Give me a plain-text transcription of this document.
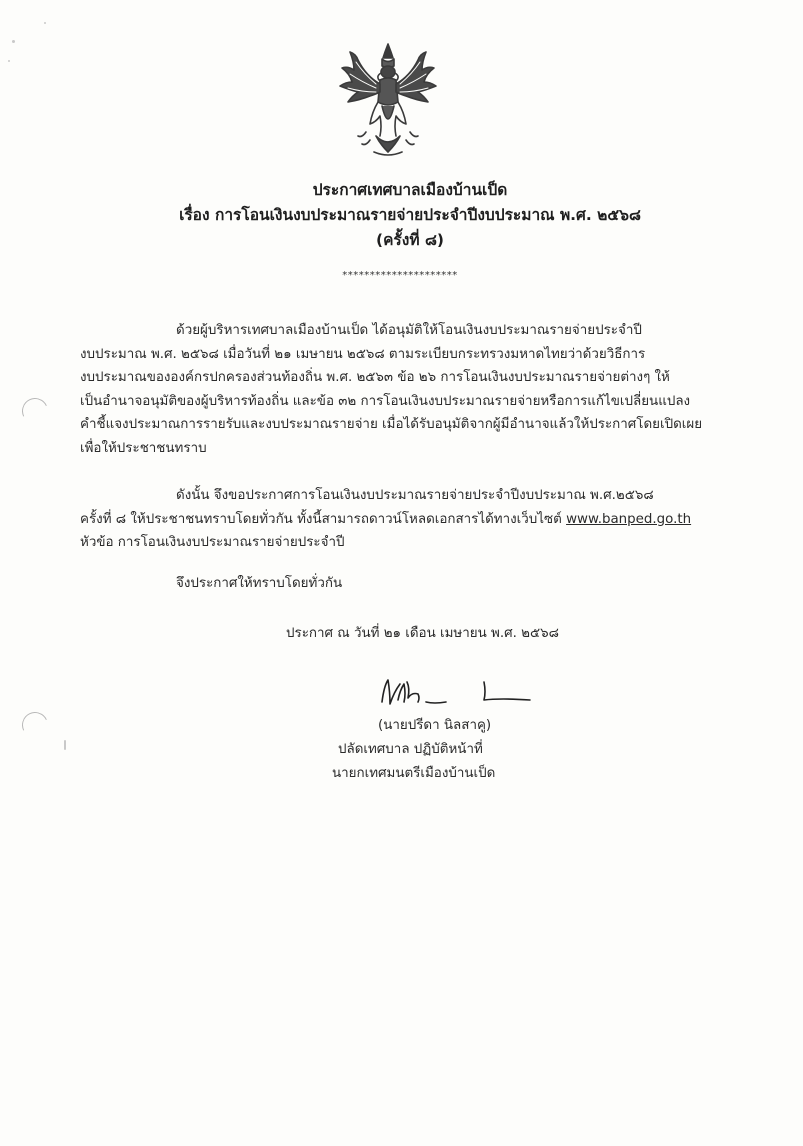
ประกาศเทศบาลเมืองบ้านเป็ด
เรื่อง การโอนเงินงบประมาณรายจ่ายประจำปีงบประมาณ พ.ศ. ๒๕๖๘
(ครั้งที่ ๘)
*********************
ด้วยผู้บริหารเทศบาลเมืองบ้านเป็ด ได้อนุมัติให้โอนเงินงบประมาณรายจ่ายประจำปี
งบประมาณ พ.ศ. ๒๕๖๘ เมื่อวันที่ ๒๑ เมษายน ๒๕๖๘ ตามระเบียบกระทรวงมหาดไทยว่าด้วยวิธีการ
งบประมาณขององค์กรปกครองส่วนท้องถิ่น พ.ศ. ๒๕๖๓ ข้อ ๒๖ การโอนเงินงบประมาณรายจ่ายต่างๆ ให้
เป็นอำนาจอนุมัติของผู้บริหารท้องถิ่น และข้อ ๓๒ การโอนเงินงบประมาณรายจ่ายหรือการแก้ไขเปลี่ยนแปลง
คำชี้แจงประมาณการรายรับและงบประมาณรายจ่าย เมื่อได้รับอนุมัติจากผู้มีอำนาจแล้วให้ประกาศโดยเปิดเผย
เพื่อให้ประชาชนทราบ
ดังนั้น จึงขอประกาศการโอนเงินงบประมาณรายจ่ายประจำปีงบประมาณ พ.ศ.๒๕๖๘
ครั้งที่ ๘ ให้ประชาชนทราบโดยทั่วกัน ทั้งนี้สามารถดาวน์โหลดเอกสารได้ทางเว็บไซต์ www.banped.go.th
หัวข้อ การโอนเงินงบประมาณรายจ่ายประจำปี
จึงประกาศให้ทราบโดยทั่วกัน
ประกาศ ณ วันที่ ๒๑ เดือน เมษายน พ.ศ. ๒๕๖๘
(นายปรีดา นิลสาคู)
ปลัดเทศบาล ปฏิบัติหน้าที่
นายกเทศมนตรีเมืองบ้านเป็ด
